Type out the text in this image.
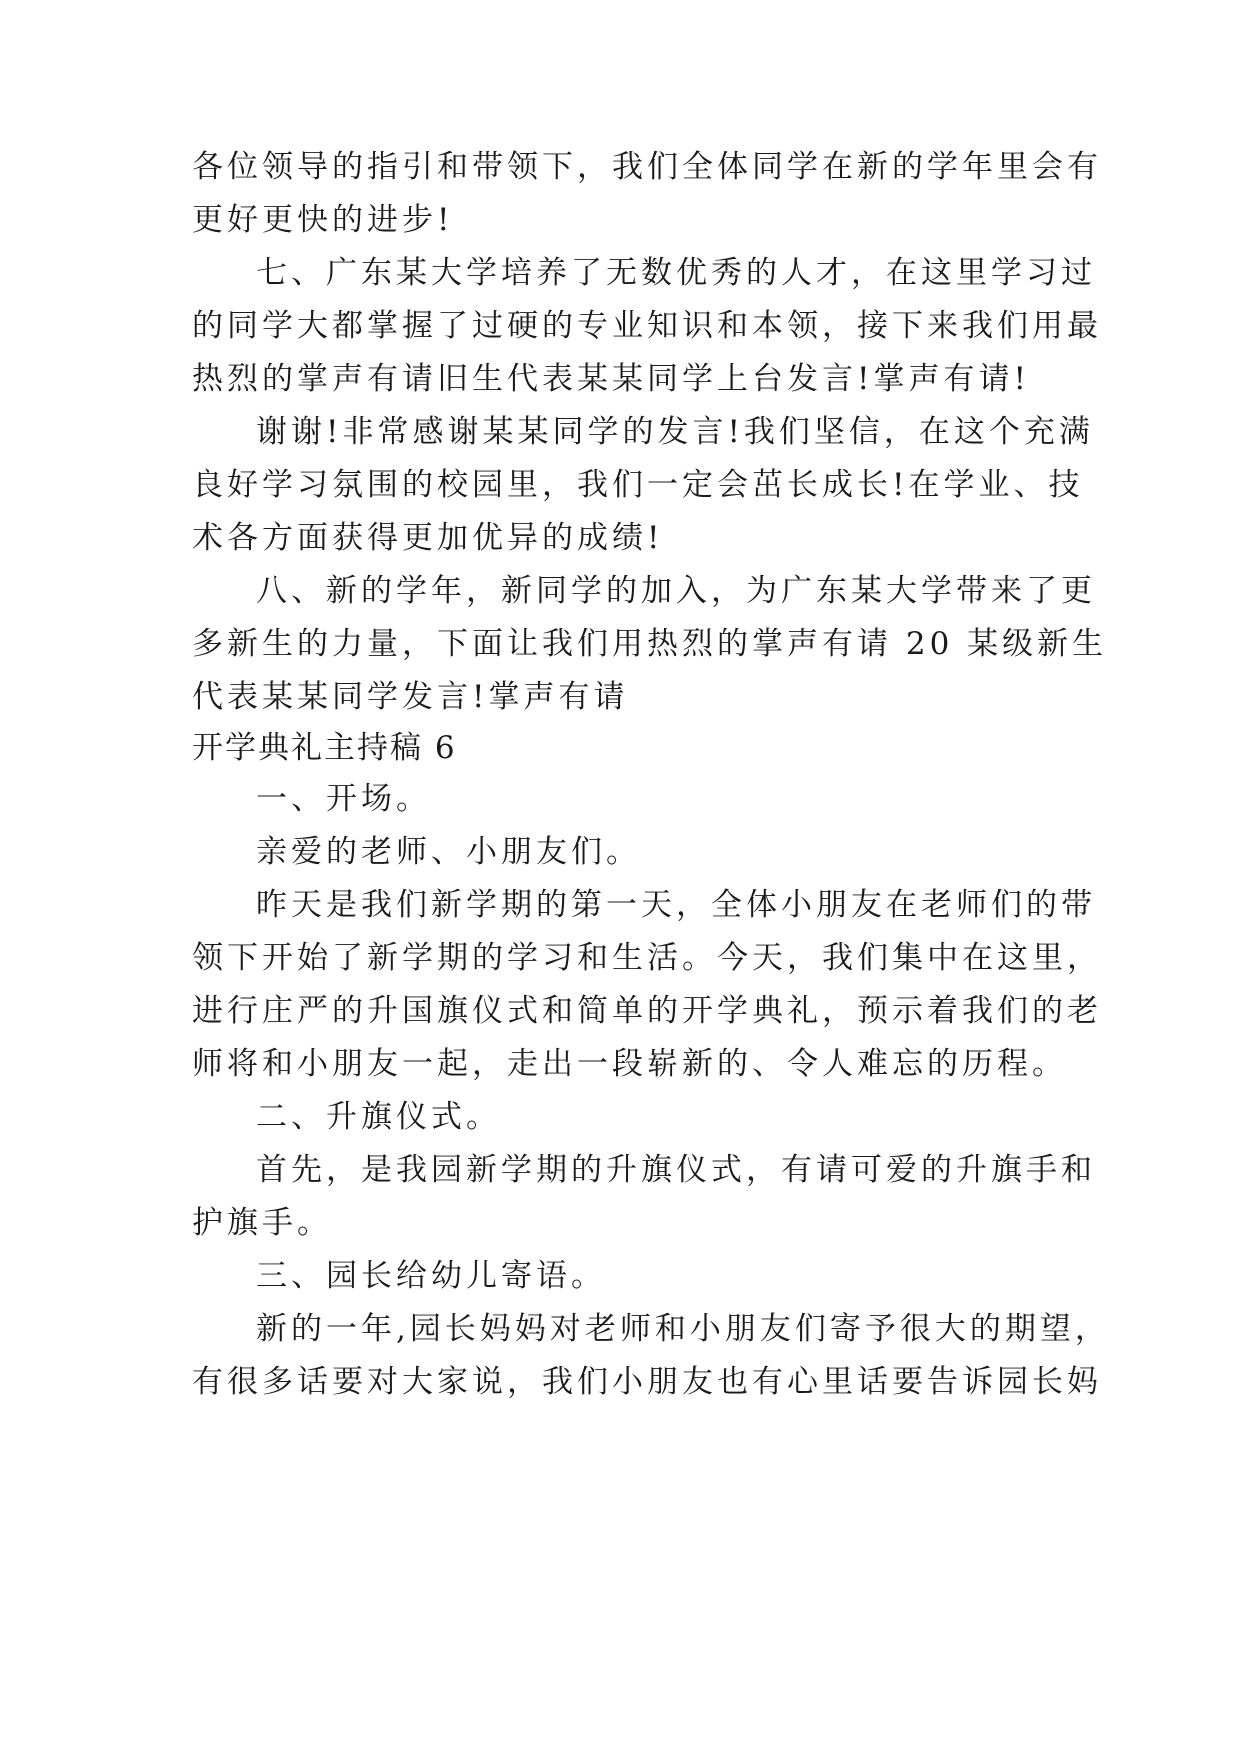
各位领导的指引和带领下，我们全体同学在新的学年里会有
更好更快的进步!
七、广东某大学培养了无数优秀的人才，在这里学习过
的同学大都掌握了过硬的专业知识和本领，接下来我们用最
热烈的掌声有请旧生代表某某同学上台发言!掌声有请!
谢谢!非常感谢某某同学的发言!我们坚信，在这个充满
良好学习氛围的校园里，我们一定会茁长成长!在学业、技
术各方面获得更加优异的成绩!
八、新的学年，新同学的加入，为广东某大学带来了更
多新生的力量，下面让我们用热烈的掌声有请 20 某级新生
代表某某同学发言!掌声有请
开学典礼主持稿 6
一、开场。
亲爱的老师、小朋友们。
昨天是我们新学期的第一天，全体小朋友在老师们的带
领下开始了新学期的学习和生活。今天，我们集中在这里，
进行庄严的升国旗仪式和简单的开学典礼，预示着我们的老
师将和小朋友一起，走出一段崭新的、令人难忘的历程。
二、升旗仪式。
首先，是我园新学期的升旗仪式，有请可爱的升旗手和
护旗手。
三、园长给幼儿寄语。
新的一年,园长妈妈对老师和小朋友们寄予很大的期望，
有很多话要对大家说，我们小朋友也有心里话要告诉园长妈
